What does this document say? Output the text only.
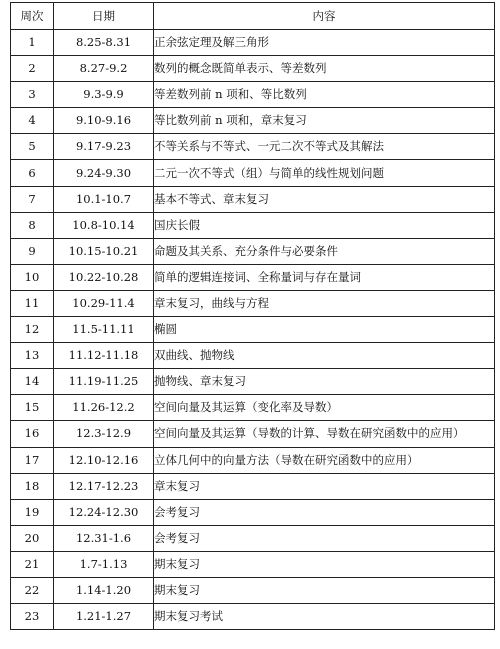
周次	日期	内容
1	8.25-8.31	正余弦定理及解三角形
2	8.27-9.2	数列的概念既简单表示、等差数列
3	9.3-9.9	等差数列前 n 项和、等比数列
4	9.10-9.16	等比数列前 n 项和，章末复习
5	9.17-9.23	不等关系与不等式、一元二次不等式及其解法
6	9.24-9.30	二元一次不等式（组）与简单的线性规划问题
7	10.1-10.7	基本不等式、章末复习
8	10.8-10.14	国庆长假
9	10.15-10.21	命题及其关系、充分条件与必要条件
10	10.22-10.28	简单的逻辑连接词、全称量词与存在量词
11	10.29-11.4	章末复习，曲线与方程
12	11.5-11.11	椭圆
13	11.12-11.18	双曲线、抛物线
14	11.19-11.25	抛物线、章末复习
15	11.26-12.2	空间向量及其运算（变化率及导数）
16	12.3-12.9	空间向量及其运算（导数的计算、导数在研究函数中的应用）
17	12.10-12.16	立体几何中的向量方法（导数在研究函数中的应用）
18	12.17-12.23	章末复习
19	12.24-12.30	会考复习
20	12.31-1.6	会考复习
21	1.7-1.13	期末复习
22	1.14-1.20	期末复习
23	1.21-1.27	期末复习考试
